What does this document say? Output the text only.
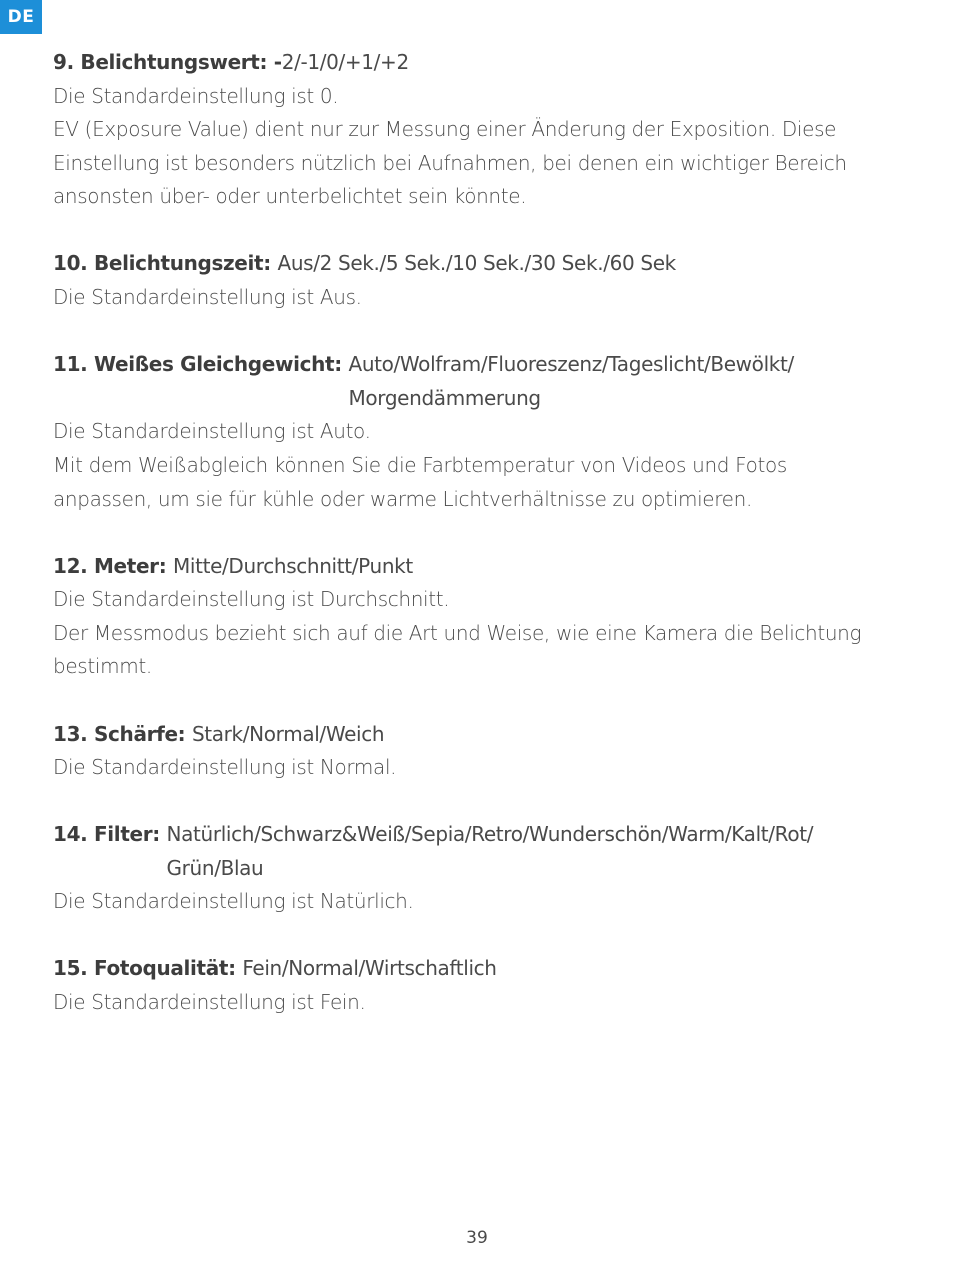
DE
9. Belichtungswert: -2/-1/0/+1/+2
Die Standardeinstellung ist 0.
EV (Exposure Value) dient nur zur Messung einer Änderung der Exposition. Diese
Einstellung ist besonders nützlich bei Aufnahmen, bei denen ein wichtiger Bereich
ansonsten über- oder unterbelichtet sein könnte.
10. Belichtungszeit: Aus/2 Sek./5 Sek./10 Sek./30 Sek./60 Sek
Die Standardeinstellung ist Aus.
11. Weißes Gleichgewicht: Auto/Wolfram/Fluoreszenz/Tageslicht/Bewölkt/
Morgendämmerung
Die Standardeinstellung ist Auto.
Mit dem Weißabgleich können Sie die Farbtemperatur von Videos und Fotos
anpassen, um sie für kühle oder warme Lichtverhältnisse zu optimieren.
12. Meter: Mitte/Durchschnitt/Punkt
Die Standardeinstellung ist Durchschnitt.
Der Messmodus bezieht sich auf die Art und Weise, wie eine Kamera die Belichtung
bestimmt.
13. Schärfe: Stark/Normal/Weich
Die Standardeinstellung ist Normal.
14. Filter: Natürlich/Schwarz&Weiß/Sepia/Retro/Wunderschön/Warm/Kalt/Rot/
Grün/Blau
Die Standardeinstellung ist Natürlich.
15. Fotoqualität: Fein/Normal/Wirtschaftlich
Die Standardeinstellung ist Fein.
39
